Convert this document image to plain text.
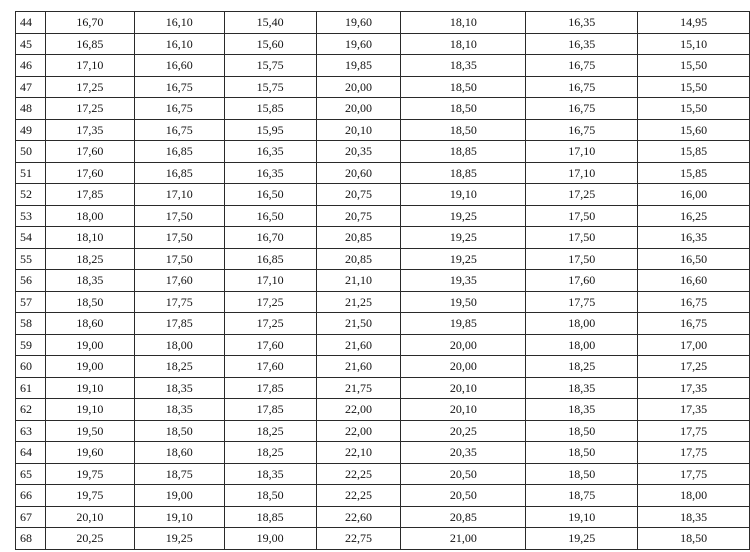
44	16,70	16,10	15,40	19,60	18,10	16,35	14,95
45	16,85	16,10	15,60	19,60	18,10	16,35	15,10
46	17,10	16,60	15,75	19,85	18,35	16,75	15,50
47	17,25	16,75	15,75	20,00	18,50	16,75	15,50
48	17,25	16,75	15,85	20,00	18,50	16,75	15,50
49	17,35	16,75	15,95	20,10	18,50	16,75	15,60
50	17,60	16,85	16,35	20,35	18,85	17,10	15,85
51	17,60	16,85	16,35	20,60	18,85	17,10	15,85
52	17,85	17,10	16,50	20,75	19,10	17,25	16,00
53	18,00	17,50	16,50	20,75	19,25	17,50	16,25
54	18,10	17,50	16,70	20,85	19,25	17,50	16,35
55	18,25	17,50	16,85	20,85	19,25	17,50	16,50
56	18,35	17,60	17,10	21,10	19,35	17,60	16,60
57	18,50	17,75	17,25	21,25	19,50	17,75	16,75
58	18,60	17,85	17,25	21,50	19,85	18,00	16,75
59	19,00	18,00	17,60	21,60	20,00	18,00	17,00
60	19,00	18,25	17,60	21,60	20,00	18,25	17,25
61	19,10	18,35	17,85	21,75	20,10	18,35	17,35
62	19,10	18,35	17,85	22,00	20,10	18,35	17,35
63	19,50	18,50	18,25	22,00	20,25	18,50	17,75
64	19,60	18,60	18,25	22,10	20,35	18,50	17,75
65	19,75	18,75	18,35	22,25	20,50	18,50	17,75
66	19,75	19,00	18,50	22,25	20,50	18,75	18,00
67	20,10	19,10	18,85	22,60	20,85	19,10	18,35
68	20,25	19,25	19,00	22,75	21,00	19,25	18,50
